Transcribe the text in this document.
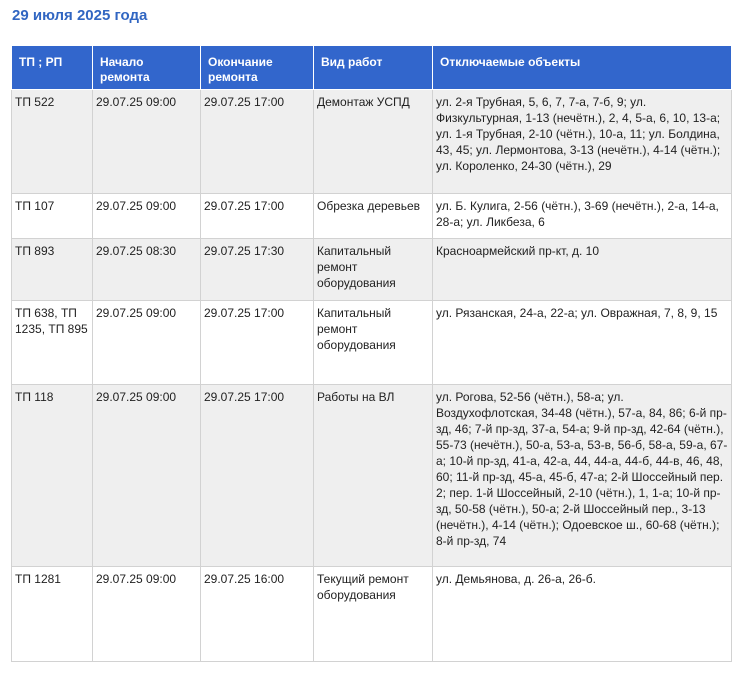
29 июля 2025 года
ТП ; РП	Начало ремонта	Окончание ремонта	Вид работ	Отключаемые объекты
ТП 522	29.07.25 09:00	29.07.25 17:00	Демонтаж УСПД	ул. 2-я Трубная, 5, 6, 7, 7-а, 7-б, 9; ул. Физкультурная, 1-13 (нечётн.), 2, 4, 5-а, 6, 10, 13-а; ул. 1-я Трубная, 2-10 (чётн.), 10-а, 11; ул. Болдина, 43, 45; ул. Лермонтова, 3-13 (нечётн.), 4-14 (чётн.); ул. Короленко, 24-30 (чётн.), 29
ТП 107	29.07.25 09:00	29.07.25 17:00	Обрезка деревьев	ул. Б. Кулига, 2-56 (чётн.), 3-69 (нечётн.), 2-а, 14-а, 28-а; ул. Ликбеза, 6
ТП 893	29.07.25 08:30	29.07.25 17:30	Капитальный ремонт оборудования	Красноармейский пр-кт, д. 10
ТП 638, ТП 1235, ТП 895	29.07.25 09:00	29.07.25 17:00	Капитальный ремонт оборудования	ул. Рязанская, 24-а, 22-а; ул. Овражная, 7, 8, 9, 15
ТП 118	29.07.25 09:00	29.07.25 17:00	Работы на ВЛ	ул. Рогова, 52-56 (чётн.), 58-а; ул. Воздухофлотская, 34-48 (чётн.), 57-а, 84, 86; 6-й пр-зд, 46; 7-й пр-зд, 37-а, 54-а; 9-й пр-зд, 42-64 (чётн.), 55-73 (нечётн.), 50-а, 53-а, 53-в, 56-б, 58-а, 59-а, 67-а; 10-й пр-зд, 41-а, 42-а, 44, 44-а, 44-б, 44-в, 46, 48, 60; 11-й пр-зд, 45-а, 45-б, 47-а; 2-й Шоссейный пер. 2; пер. 1-й Шоссейный, 2-10 (чётн.), 1, 1-а; 10-й пр-зд, 50-58 (чётн.), 50-а; 2-й Шоссейный пер., 3-13 (нечётн.), 4-14 (чётн.); Одоевское ш., 60-68 (чётн.); 8-й пр-зд, 74
ТП 1281	29.07.25 09:00	29.07.25 16:00	Текущий ремонт оборудования	ул. Демьянова, д. 26-а, 26-б.
